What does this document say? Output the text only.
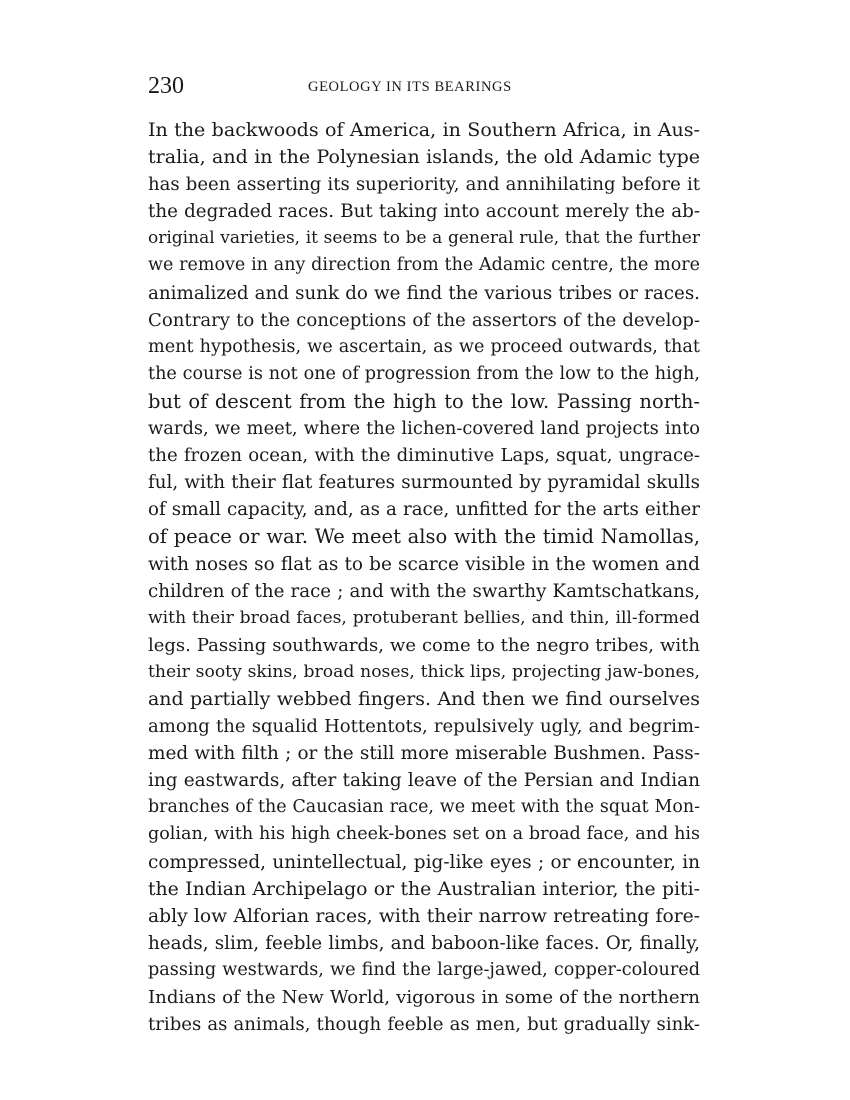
230	GEOLOGY IN ITS BEARINGS
In the backwoods of America, in Southern Africa, in Aus-
tralia, and in the Polynesian islands, the old Adamic type
has been asserting its superiority, and annihilating before it
the degraded races. But taking into account merely the ab-
original varieties, it seems to be a general rule, that the further
we remove in any direction from the Adamic centre, the more
animalized and sunk do we find the various tribes or races.
Contrary to the conceptions of the assertors of the develop-
ment hypothesis, we ascertain, as we proceed outwards, that
the course is not one of progression from the low to the high,
but of descent from the high to the low. Passing north-
wards, we meet, where the lichen-covered land projects into
the frozen ocean, with the diminutive Laps, squat, ungrace-
ful, with their flat features surmounted by pyramidal skulls
of small capacity, and, as a race, unfitted for the arts either
of peace or war. We meet also with the timid Namollas,
with noses so flat as to be scarce visible in the women and
children of the race ; and with the swarthy Kamtschatkans,
with their broad faces, protuberant bellies, and thin, ill-formed
legs. Passing southwards, we come to the negro tribes, with
their sooty skins, broad noses, thick lips, projecting jaw-bones,
and partially webbed fingers. And then we find ourselves
among the squalid Hottentots, repulsively ugly, and begrim-
med with filth ; or the still more miserable Bushmen. Pass-
ing eastwards, after taking leave of the Persian and Indian
branches of the Caucasian race, we meet with the squat Mon-
golian, with his high cheek-bones set on a broad face, and his
compressed, unintellectual, pig-like eyes ; or encounter, in
the Indian Archipelago or the Australian interior, the piti-
ably low Alforian races, with their narrow retreating fore-
heads, slim, feeble limbs, and baboon-like faces. Or, finally,
passing westwards, we find the large-jawed, copper-coloured
Indians of the New World, vigorous in some of the northern
tribes as animals, though feeble as men, but gradually sink-
